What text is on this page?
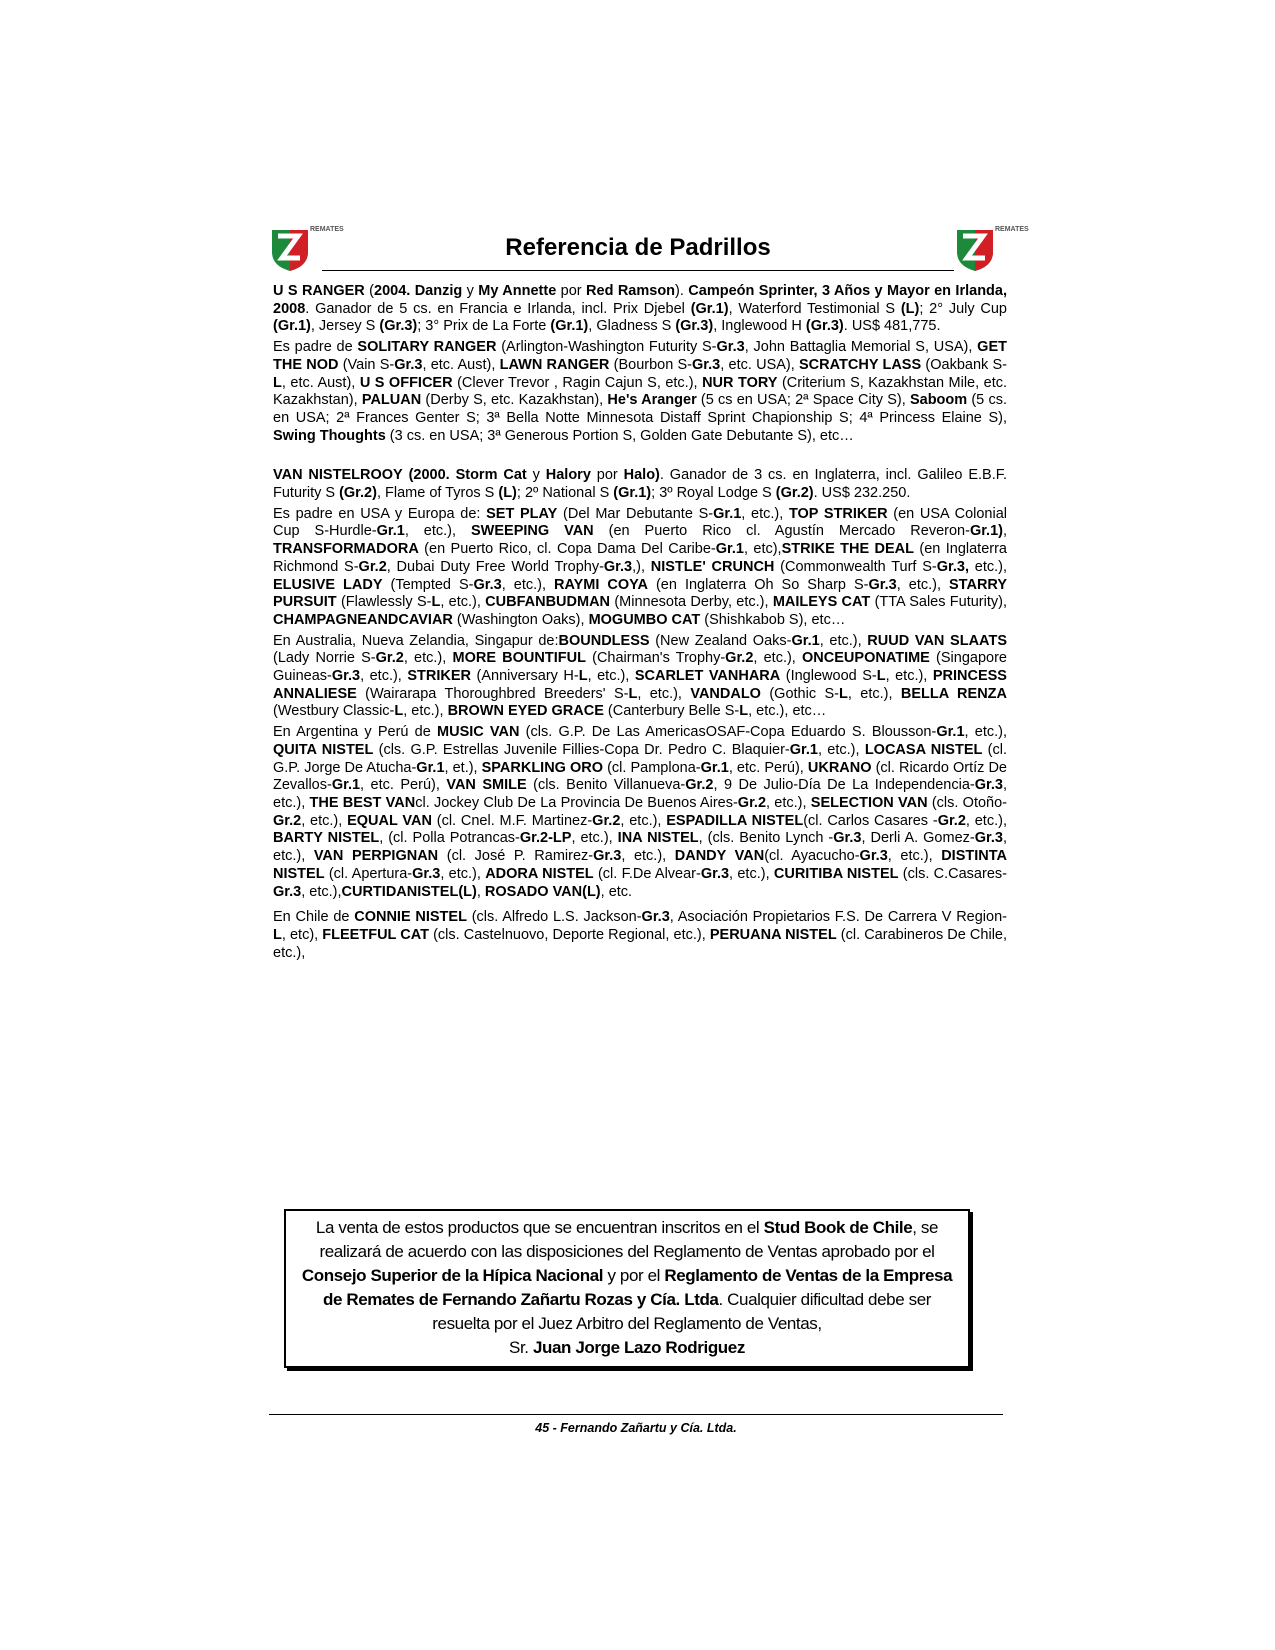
REMATES	REMATES
Referencia de Padrillos

U S RANGER (2004. Danzig y My Annette por Red Ramson). Campeón Sprinter, 3 Años y Mayor en Irlanda, 2008. Ganador de 5 cs. en Francia e Irlanda, incl. Prix Djebel (Gr.1), Waterford Testimonial S (L); 2° July Cup (Gr.1), Jersey S (Gr.3); 3° Prix de La Forte (Gr.1), Gladness S (Gr.3), Inglewood H (Gr.3). US$ 481,775.

Es padre de SOLITARY RANGER (Arlington-Washington Futurity S-Gr.3, John Battaglia Memorial S, USA), GET THE NOD (Vain S-Gr.3, etc. Aust), LAWN RANGER (Bourbon S-Gr.3, etc. USA), SCRATCHY LASS (Oakbank S-L, etc. Aust), U S OFFICER (Clever Trevor , Ragin Cajun S, etc.), NUR TORY (Criterium S, Kazakhstan Mile, etc. Kazakhstan), PALUAN (Derby S, etc. Kazakhstan), He's Aranger (5 cs en USA; 2ª Space City S), Saboom (5 cs. en USA; 2ª Frances Genter S; 3ª Bella Notte Minnesota Distaff Sprint Chapionship S; 4ª Princess Elaine S), Swing Thoughts (3 cs. en USA; 3ª Generous Portion S, Golden Gate Debutante S), etc…

VAN NISTELROOY (2000. Storm Cat y Halory por Halo). Ganador de 3 cs. en Inglaterra, incl. Galileo E.B.F. Futurity S (Gr.2), Flame of Tyros S (L); 2º National S (Gr.1); 3º Royal Lodge S (Gr.2). US$ 232.250.

Es padre en USA y Europa de: SET PLAY (Del Mar Debutante S-Gr.1, etc.), TOP STRIKER (en USA Colonial Cup S-Hurdle-Gr.1, etc.), SWEEPING VAN (en Puerto Rico cl. Agustín Mercado Reveron-Gr.1), TRANSFORMADORA (en Puerto Rico, cl. Copa Dama Del Caribe-Gr.1, etc),STRIKE THE DEAL (en Inglaterra Richmond S-Gr.2, Dubai Duty Free World Trophy-Gr.3,), NISTLE' CRUNCH (Commonwealth Turf S-Gr.3, etc.), ELUSIVE LADY (Tempted S-Gr.3, etc.), RAYMI COYA (en Inglaterra Oh So Sharp S-Gr.3, etc.), STARRY PURSUIT (Flawlessly S-L, etc.), CUBFANBUDMAN (Minnesota Derby, etc.), MAILEYS CAT (TTA Sales Futurity), CHAMPAGNEANDCAVIAR (Washington Oaks), MOGUMBO CAT (Shishkabob S), etc…

En Australia, Nueva Zelandia, Singapur de:BOUNDLESS (New Zealand Oaks-Gr.1, etc.), RUUD VAN SLAATS (Lady Norrie S-Gr.2, etc.), MORE BOUNTIFUL (Chairman's Trophy-Gr.2, etc.), ONCEUPONATIME (Singapore Guineas-Gr.3, etc.), STRIKER (Anniversary H-L, etc.), SCARLET VANHARA (Inglewood S-L, etc.), PRINCESS ANNALIESE (Wairarapa Thoroughbred Breeders' S-L, etc.), VANDALO (Gothic S-L, etc.), BELLA RENZA (Westbury Classic-L, etc.), BROWN EYED GRACE (Canterbury Belle S-L, etc.), etc…

En Argentina y Perú de MUSIC VAN (cls. G.P. De Las AmericasOSAF-Copa Eduardo S. Blousson-Gr.1, etc.), QUITA NISTEL (cls. G.P. Estrellas Juvenile Fillies-Copa Dr. Pedro C. Blaquier-Gr.1, etc.), LOCASA NISTEL (cl. G.P. Jorge De Atucha-Gr.1, et.), SPARKLING ORO (cl. Pamplona-Gr.1, etc. Perú), UKRANO (cl. Ricardo Ortíz De Zevallos-Gr.1, etc. Perú), VAN SMILE (cls. Benito Villanueva-Gr.2, 9 De Julio-Día De La Independencia-Gr.3, etc.), THE BEST VANcl. Jockey Club De La Provincia De Buenos Aires-Gr.2, etc.), SELECTION VAN (cls. Otoño-Gr.2, etc.), EQUAL VAN (cl. Cnel. M.F. Martinez-Gr.2, etc.), ESPADILLA NISTEL(cl. Carlos Casares -Gr.2, etc.), BARTY NISTEL, (cl. Polla Potrancas-Gr.2-LP, etc.), INA NISTEL, (cls. Benito Lynch -Gr.3, Derli A. Gomez-Gr.3, etc.), VAN PERPIGNAN (cl. José P. Ramirez-Gr.3, etc.), DANDY VAN(cl. Ayacucho-Gr.3, etc.), DISTINTA NISTEL (cl. Apertura-Gr.3, etc.), ADORA NISTEL (cl. F.De Alvear-Gr.3, etc.), CURITIBA NISTEL (cls. C.Casares-Gr.3, etc.),CURTIDANISTEL(L), ROSADO VAN(L), etc.

En Chile de CONNIE NISTEL (cls. Alfredo L.S. Jackson-Gr.3, Asociación Propietarios F.S. De Carrera V Region-L, etc), FLEETFUL CAT (cls. Castelnuovo, Deporte Regional, etc.), PERUANA NISTEL (cl. Carabineros De Chile, etc.),

La venta de estos productos que se encuentran inscritos en el Stud Book de Chile, se realizará de acuerdo con las disposiciones del Reglamento de Ventas aprobado por el Consejo Superior de la Hípica Nacional y por el Reglamento de Ventas de la Empresa de Remates de Fernando Zañartu Rozas y Cía. Ltda. Cualquier dificultad debe ser resuelta por el Juez Arbitro del Reglamento de Ventas,
Sr. Juan Jorge Lazo Rodriguez
45 - Fernando Zañartu y Cía. Ltda.
